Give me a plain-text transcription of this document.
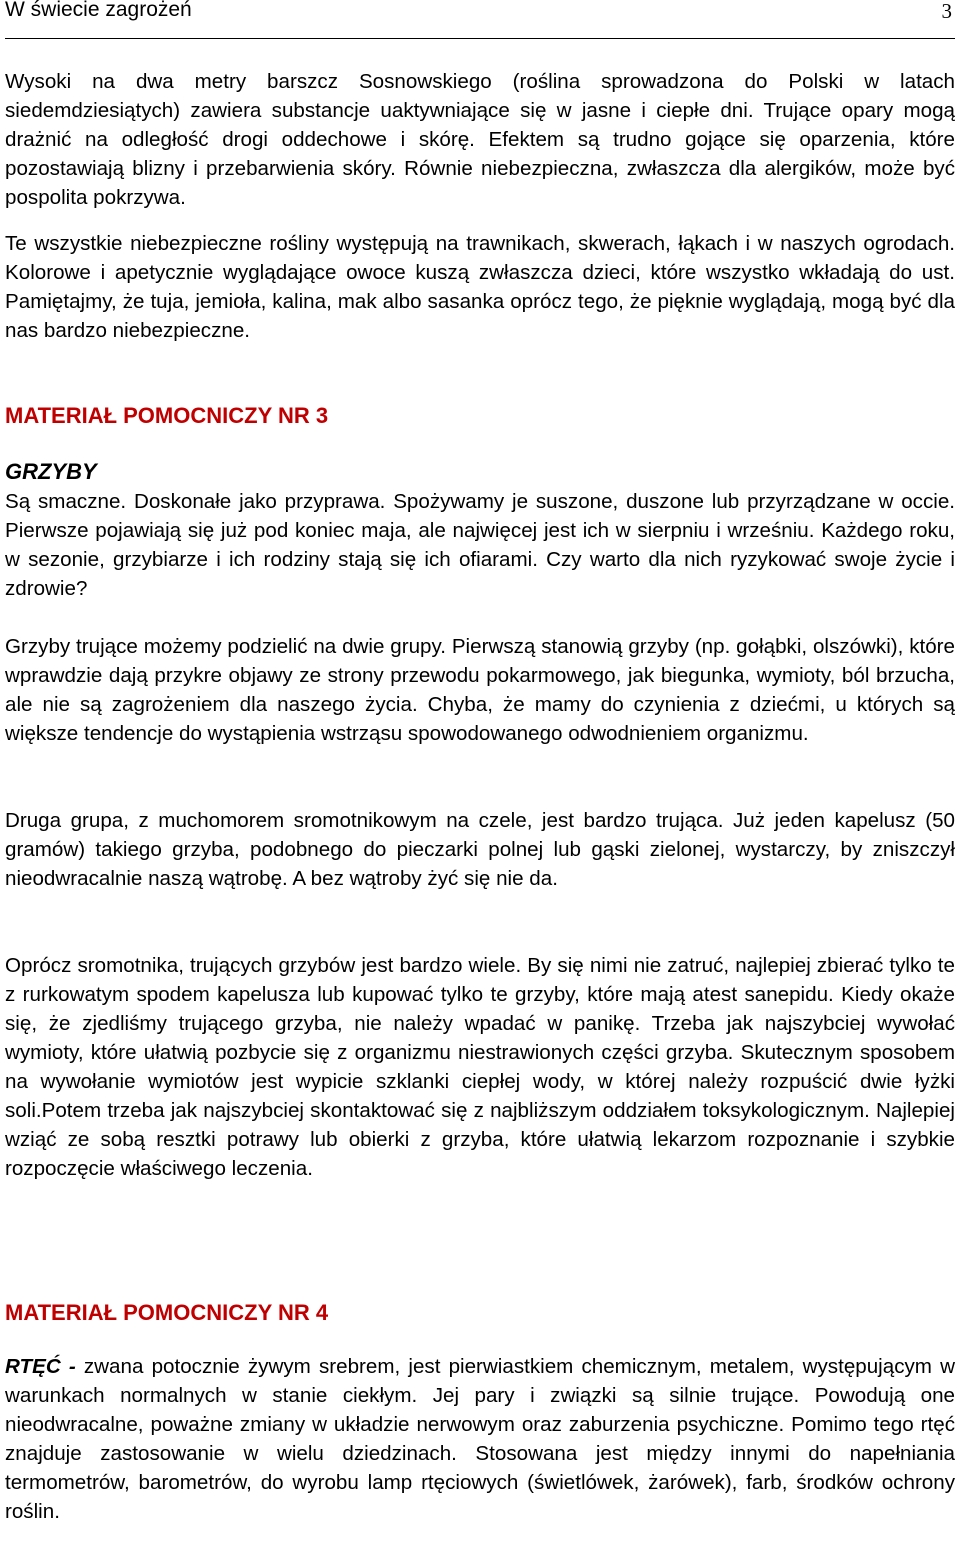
W świecie zagrożeń	3
Wysoki na dwa metry barszcz Sosnowskiego (roślina sprowadzona do Polski w latach siedemdziesiątych) zawiera substancje uaktywniające się w jasne i ciepłe dni. Trujące opary mogą drażnić na odległość drogi oddechowe i skórę. Efektem są trudno gojące się oparzenia, które pozostawiają blizny i przebarwienia skóry. Równie niebezpieczna, zwłaszcza dla alergików, może być pospolita pokrzywa.
Te wszystkie niebezpieczne rośliny występują na trawnikach, skwerach, łąkach i w naszych ogrodach. Kolorowe i apetycznie wyglądające owoce kuszą zwłaszcza dzieci, które wszystko wkładają do ust. Pamiętajmy, że tuja, jemioła, kalina, mak albo sasanka oprócz tego, że pięknie wyglądają, mogą być dla nas bardzo niebezpieczne.
MATERIAŁ POMOCNICZY NR 3
GRZYBY
Są smaczne. Doskonałe jako przyprawa. Spożywamy je suszone, duszone lub przyrządzane w occie. Pierwsze pojawiają się już pod koniec maja, ale najwięcej jest ich w sierpniu i wrześniu. Każdego roku, w sezonie, grzybiarze i ich rodziny stają się ich ofiarami. Czy warto dla nich ryzykować swoje życie i zdrowie?
Grzyby trujące możemy podzielić na dwie grupy. Pierwszą stanowią grzyby (np. gołąbki, olszówki), które wprawdzie dają przykre objawy ze strony przewodu pokarmowego, jak biegunka, wymioty, ból brzucha, ale nie są zagrożeniem dla naszego życia. Chyba, że mamy do czynienia z dziećmi, u których są większe tendencje do wystąpienia wstrząsu spowodowanego odwodnieniem organizmu.
Druga grupa, z muchomorem sromotnikowym na czele, jest bardzo trująca. Już jeden kapelusz (50 gramów) takiego grzyba, podobnego do pieczarki polnej lub gąski zielonej, wystarczy, by zniszczył nieodwracalnie naszą wątrobę. A bez wątroby żyć się nie da.
Oprócz sromotnika, trujących grzybów jest bardzo wiele. By się nimi nie zatruć, najlepiej zbierać tylko te z rurkowatym spodem kapelusza lub kupować tylko te grzyby, które mają atest sanepidu. Kiedy okaże się, że zjedliśmy trującego grzyba, nie należy wpadać w panikę. Trzeba jak najszybciej wywołać wymioty, które ułatwią pozbycie się z organizmu niestrawionych części grzyba. Skutecznym sposobem na wywołanie wymiotów jest wypicie szklanki ciepłej wody, w której należy rozpuścić dwie łyżki soli.Potem trzeba jak najszybciej skontaktować się z najbliższym oddziałem toksykologicznym. Najlepiej wziąć ze sobą resztki potrawy lub obierki z grzyba, które ułatwią lekarzom rozpoznanie i szybkie rozpoczęcie właściwego leczenia.
MATERIAŁ POMOCNICZY NR 4
RTĘĆ - zwana potocznie żywym srebrem, jest pierwiastkiem chemicznym, metalem, występującym w warunkach normalnych w stanie ciekłym. Jej pary i związki są silnie trujące. Powodują one nieodwracalne, poważne zmiany w układzie nerwowym oraz zaburzenia psychiczne. Pomimo tego rtęć znajduje zastosowanie w wielu dziedzinach. Stosowana jest między innymi do napełniania termometrów, barometrów, do wyrobu lamp rtęciowych (świetlówek, żarówek), farb, środków ochrony roślin.
